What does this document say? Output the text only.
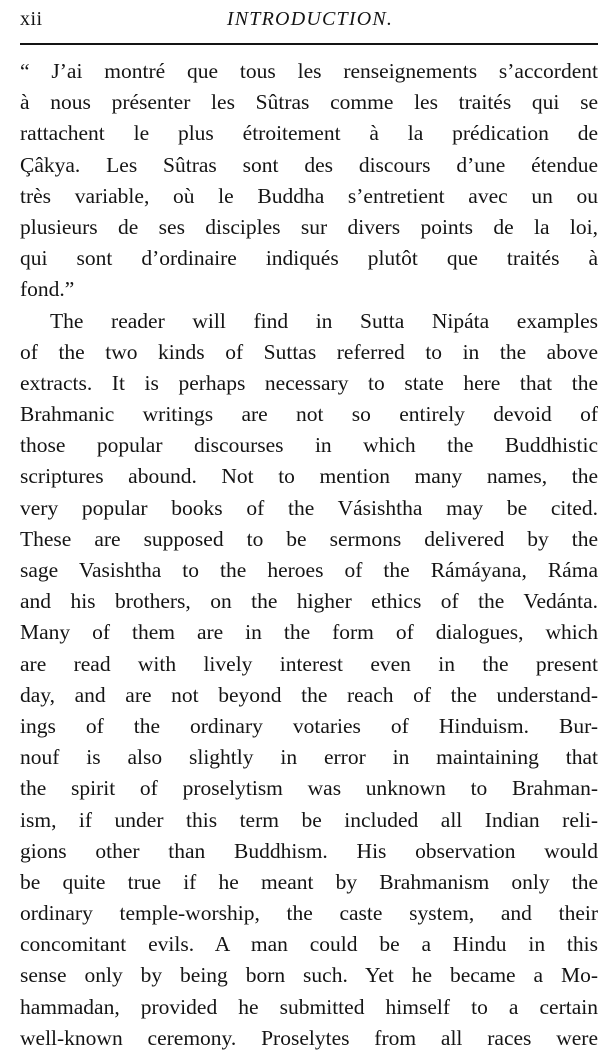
xii	INTRODUCTION.
“ J’ai montré que tous les renseignements s’accordent
à nous présenter les Sûtras comme les traités qui se
rattachent le plus étroitement à la prédication de
Çâkya. Les Sûtras sont des discours d’une étendue
très variable, où le Buddha s’entretient avec un ou
plusieurs de ses disciples sur divers points de la loi,
qui sont d’ordinaire indiqués plutôt que traités à
fond.”
The reader will find in Sutta Nipáta examples
of the two kinds of Suttas referred to in the above
extracts. It is perhaps necessary to state here that the
Brahmanic writings are not so entirely devoid of
those popular discourses in which the Buddhistic
scriptures abound. Not to mention many names, the
very popular books of the Vásishtha may be cited.
These are supposed to be sermons delivered by the
sage Vasishtha to the heroes of the Rámáyana, Ráma
and his brothers, on the higher ethics of the Vedánta.
Many of them are in the form of dialogues, which
are read with lively interest even in the present
day, and are not beyond the reach of the understand-
ings of the ordinary votaries of Hinduism. Bur-
nouf is also slightly in error in maintaining that
the spirit of proselytism was unknown to Brahman-
ism, if under this term be included all Indian reli-
gions other than Buddhism. His observation would
be quite true if he meant by Brahmanism only the
ordinary temple-worship, the caste system, and their
concomitant evils. A man could be a Hindu in this
sense only by being born such. Yet he became a Mo-
hammadan, provided he submitted himself to a certain
well-known ceremony. Proselytes from all races were
